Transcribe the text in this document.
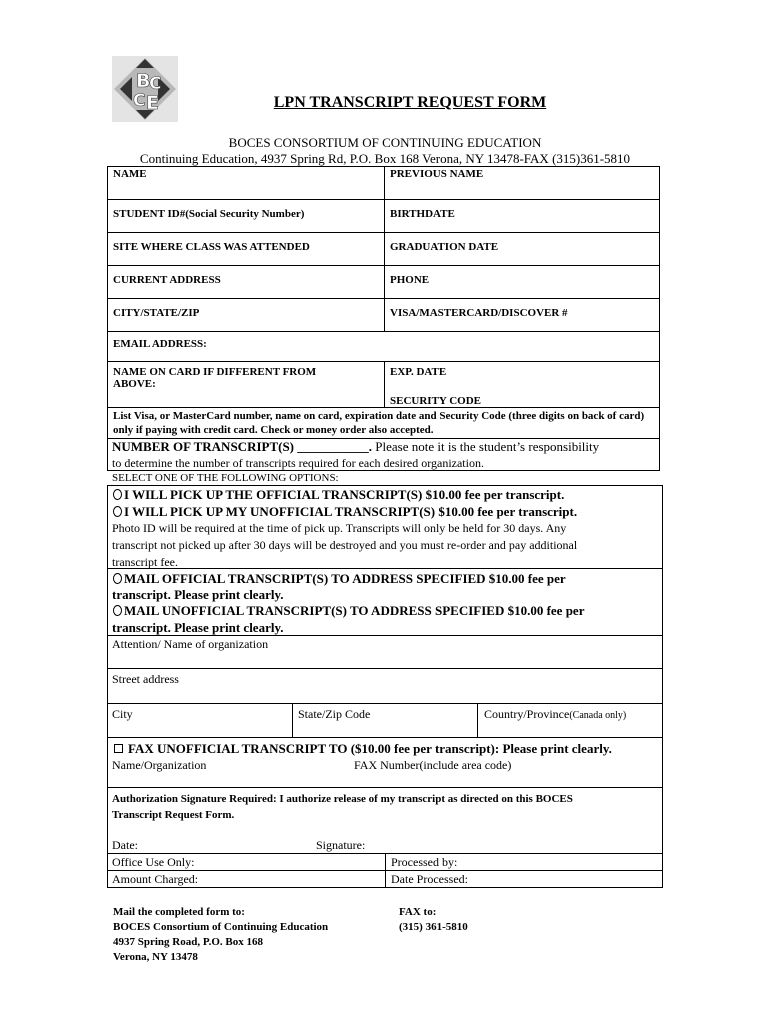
B
C
C E	LPN TRANSCRIPT REQUEST FORM
BOCES CONSORTIUM OF CONTINUING EDUCATION
Continuing Education, 4937 Spring Rd, P.O. Box 168 Verona, NY 13478-FAX (315)361-5810
NAME	PREVIOUS NAME
STUDENT ID#(Social Security Number)	BIRTHDATE
SITE WHERE CLASS WAS ATTENDED	GRADUATION DATE
CURRENT ADDRESS	PHONE
CITY/STATE/ZIP	VISA/MASTERCARD/DISCOVER #
EMAIL ADDRESS:	
NAME ON CARD IF DIFFERENT FROM ABOVE:	EXP. DATE
SECURITY CODE

List Visa, or MasterCard number, name on card, expiration date and Security Code (three digits on back of card) only if paying with credit card. Check or money order also accepted.	
NUMBER OF TRANSCRIPT(S) ___________. Please note it is the student’s responsibility
to determine the number of transcripts required for each desired organization.
SELECT ONE OF THE FOLLOWING OPTIONS:
I WILL PICK UP THE OFFICIAL TRANSCRIPT(S) $10.00 fee per transcript.
I WILL PICK UP MY UNOFFICIAL TRANSCRIPT(S) $10.00 fee per transcript.
Photo ID will be required at the time of pick up. Transcripts will only be held for 30 days. Any
transcript not picked up after 30 days will be destroyed and you must re-order and pay additional
transcript fee.
MAIL OFFICIAL TRANSCRIPT(S) TO ADDRESS SPECIFIED $10.00 fee per
transcript. Please print clearly.
MAIL UNOFFICIAL TRANSCRIPT(S) TO ADDRESS SPECIFIED $10.00 fee per
transcript. Please print clearly.
Attention/ Name of organization
Street address
City	State/Zip Code	Country/Province(Canada only)
FAX UNOFFICIAL TRANSCRIPT TO ($10.00 fee per transcript): Please print clearly.
Name/Organization	FAX Number(include area code)
Authorization Signature Required: I authorize release of my transcript as directed on this BOCES
Transcript Request Form.
Date:	Signature:
Office Use Only:	Processed by:
Amount Charged:	Date Processed:
Mail the completed form to:
BOCES Consortium of Continuing Education
4937 Spring Road, P.O. Box 168
Verona, NY 13478
FAX to:
(315) 361-5810
